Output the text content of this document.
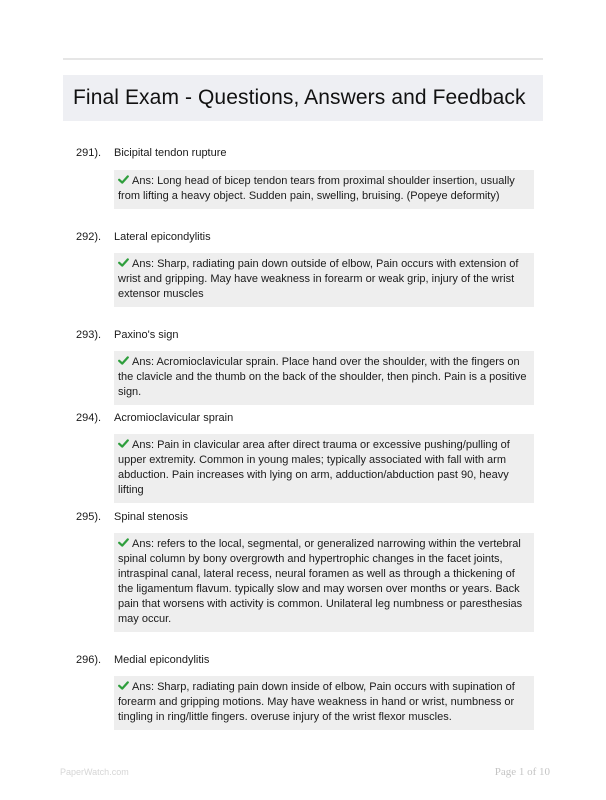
Final Exam - Questions, Answers and Feedback
291). Bicipital tendon rupture
Ans: Long head of bicep tendon tears from proximal shoulder insertion, usually from lifting a heavy object. Sudden pain, swelling, bruising. (Popeye deformity)
292). Lateral epicondylitis
Ans: Sharp, radiating pain down outside of elbow, Pain occurs with extension of wrist and gripping. May have weakness in forearm or weak grip, injury of the wrist extensor muscles
293). Paxino's sign
Ans: Acromioclavicular sprain. Place hand over the shoulder, with the fingers on the clavicle and the thumb on the back of the shoulder, then pinch. Pain is a positive sign.
294). Acromioclavicular sprain
Ans: Pain in clavicular area after direct trauma or excessive pushing/pulling of upper extremity. Common in young males; typically associated with fall with arm abduction. Pain increases with lying on arm, adduction/abduction past 90, heavy lifting
295). Spinal stenosis
Ans: refers to the local, segmental, or generalized narrowing within the vertebral spinal column by bony overgrowth and hypertrophic changes in the facet joints, intraspinal canal, lateral recess, neural foramen as well as through a thickening of the ligamentum flavum. typically slow and may worsen over months or years. Back pain that worsens with activity is common. Unilateral leg numbness or paresthesias may occur.
296). Medial epicondylitis
Ans: Sharp, radiating pain down inside of elbow, Pain occurs with supination of forearm and gripping motions. May have weakness in hand or wrist, numbness or tingling in ring/little fingers. overuse injury of the wrist flexor muscles.
PaperWatch.com	Page 1 of 10
